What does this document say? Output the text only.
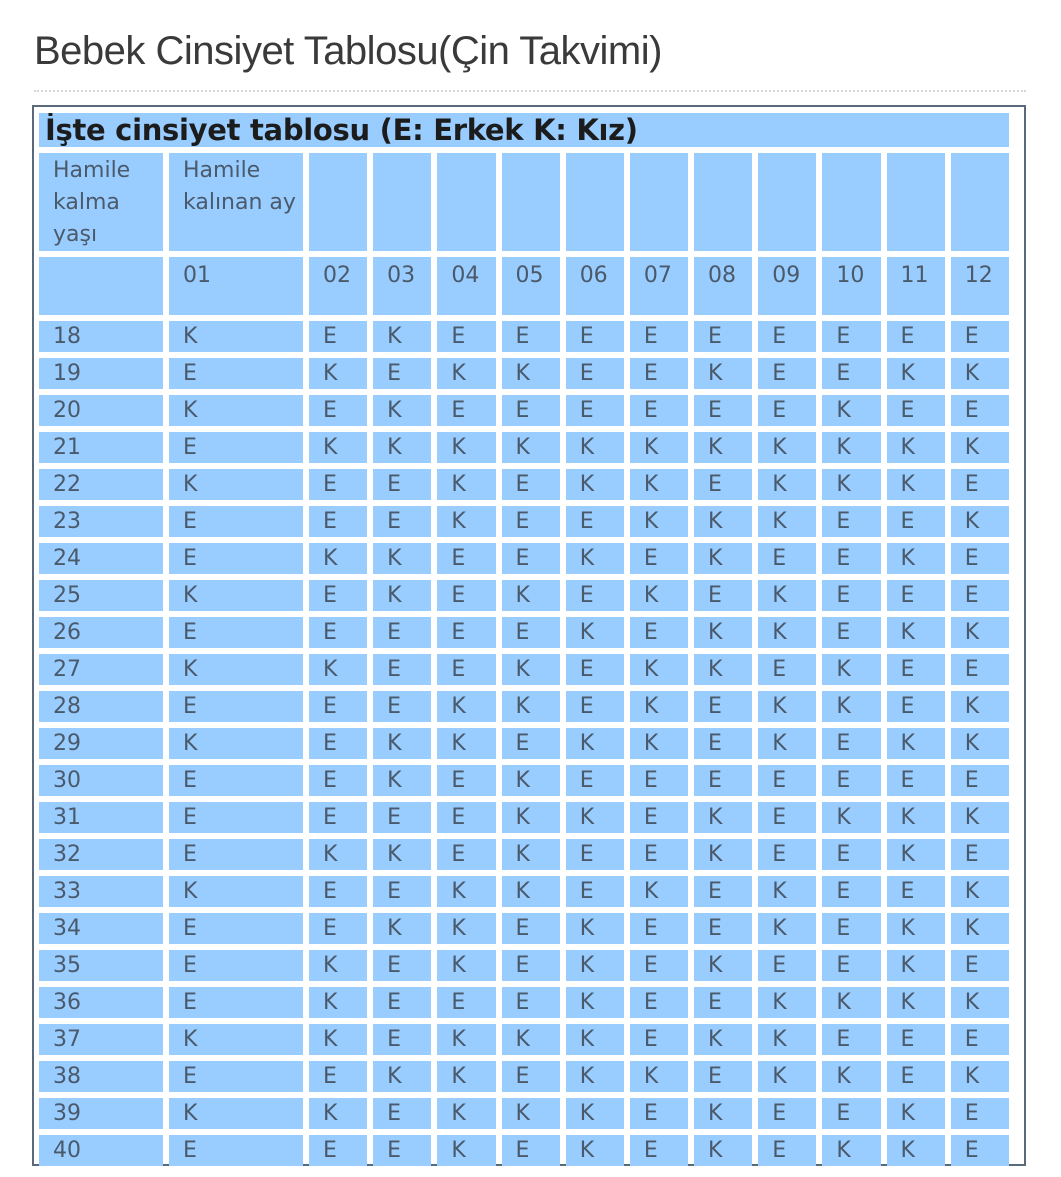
Bebek Cinsiyet Tablosu(Çin Takvimi)
İşte cinsiyet tablosu (E: Erkek K: Kız)												
Hamile kalma yaşı	Hamile kalınan ay											
	01	02	03	04	05	06	07	08	09	10	11	12
18	K	E	K	E	E	E	E	E	E	E	E	E
19	E	K	E	K	K	E	E	K	E	E	K	K
20	K	E	K	E	E	E	E	E	E	K	E	E
21	E	K	K	K	K	K	K	K	K	K	K	K
22	K	E	E	K	E	K	K	E	K	K	K	E
23	E	E	E	K	E	E	K	K	K	E	E	K
24	E	K	K	E	E	K	E	K	E	E	K	E
25	K	E	K	E	K	E	K	E	K	E	E	E
26	E	E	E	E	E	K	E	K	K	E	K	K
27	K	K	E	E	K	E	K	K	E	K	E	E
28	E	E	E	K	K	E	K	E	K	K	E	K
29	K	E	K	K	E	K	K	E	K	E	K	K
30	E	E	K	E	K	E	E	E	E	E	E	E
31	E	E	E	E	K	K	E	K	E	K	K	K
32	E	K	K	E	K	E	E	K	E	E	K	E
33	K	E	E	K	K	E	K	E	K	E	E	K
34	E	E	K	K	E	K	E	E	K	E	K	K
35	E	K	E	K	E	K	E	K	E	E	K	E
36	E	K	E	E	E	K	E	E	K	K	K	K
37	K	K	E	K	K	K	E	K	K	E	E	E
38	E	E	K	K	E	K	K	E	K	K	E	K
39	K	K	E	K	K	K	E	K	E	E	K	E
40	E	E	E	K	E	K	E	K	E	K	K	E
